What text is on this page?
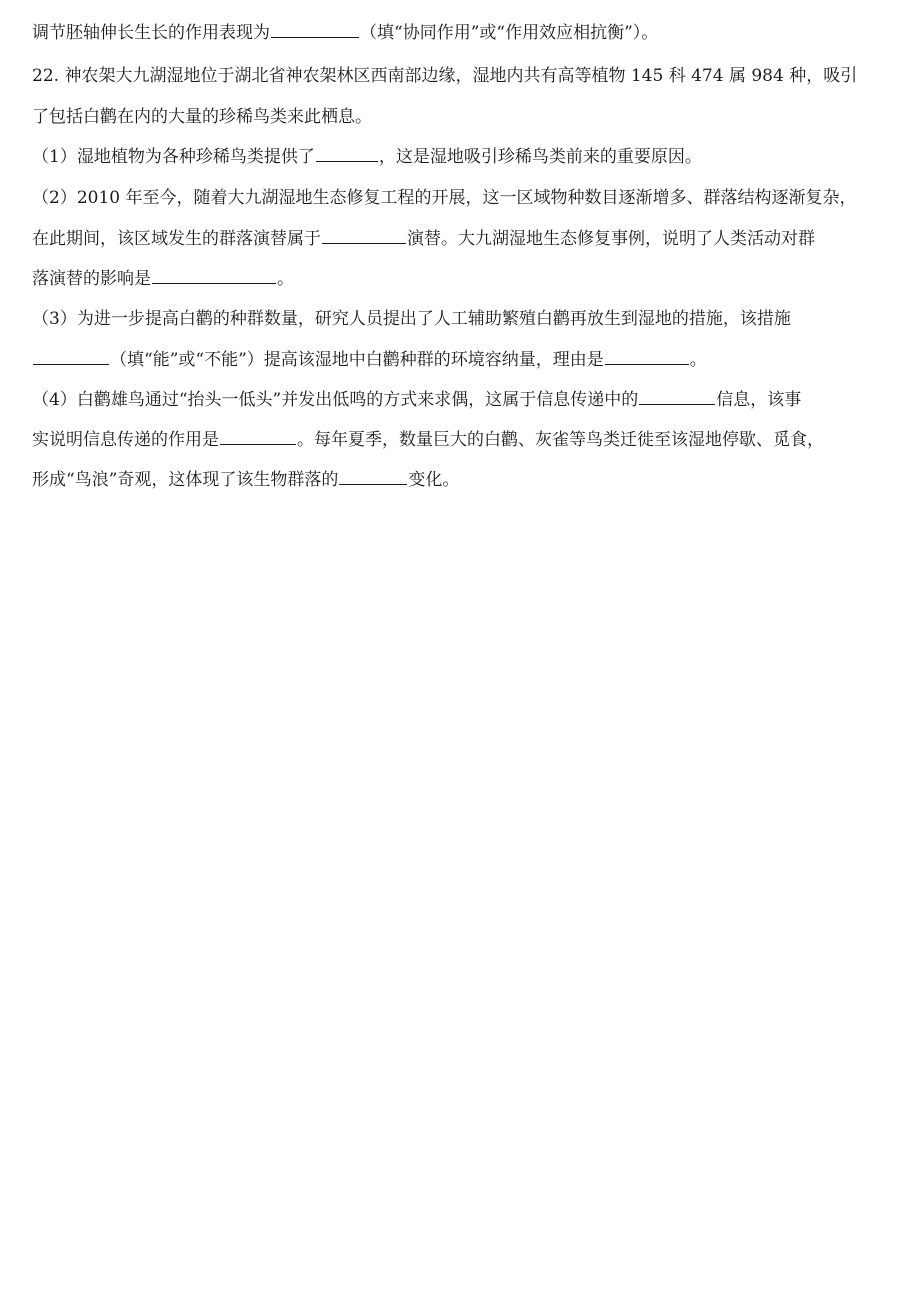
调节胚轴伸长生长的作用表现为	（填“协同作用”或“作用效应相抗衡”）。
22. 神农架大九湖湿地位于湖北省神农架林区西南部边缘，湿地内共有高等植物 145 科 474 属 984 种，吸引
了包括白鹳在内的大量的珍稀鸟类来此栖息。
（1）湿地植物为各种珍稀鸟类提供了	，这是湿地吸引珍稀鸟类前来的重要原因。
（2）2010 年至今，随着大九湖湿地生态修复工程的开展，这一区域物种数目逐渐增多、群落结构逐渐复杂，
在此期间，该区域发生的群落演替属于	演替。大九湖湿地生态修复事例，说明了人类活动对群
落演替的影响是	。
（3）为进一步提高白鹳的种群数量，研究人员提出了人工辅助繁殖白鹳再放生到湿地的措施，该措施
（填“能”或“不能”）提高该湿地中白鹳种群的环境容纳量，理由是	。
（4）白鹳雄鸟通过“抬头一低头”并发出低鸣的方式来求偶，这属于信息传递中的	信息，该事
实说明信息传递的作用是	。每年夏季，数量巨大的白鹳、灰雀等鸟类迁徙至该湿地停歇、觅食，
形成“鸟浪”奇观，这体现了该生物群落的	变化。
